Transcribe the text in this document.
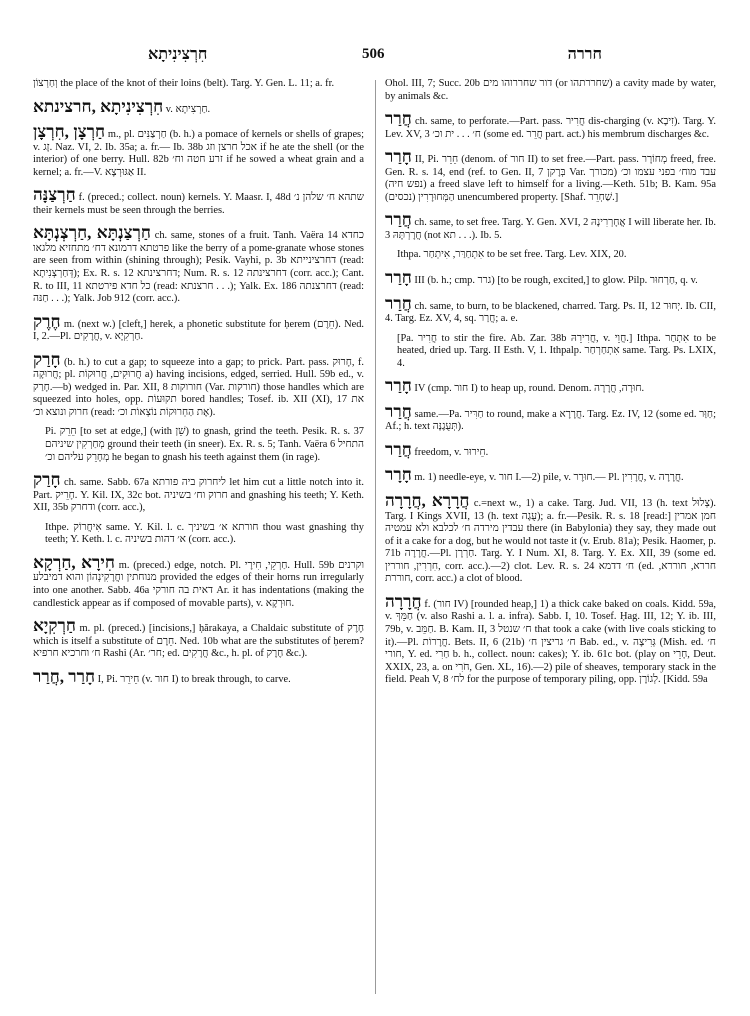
חִרְצִינִיתָא	506	חררה
וְחַרְצוֹן the place of the knot of their loins (belt). Targ. Y. Gen. L. 11; a. fr.
חִרְצִינִיתָא ,חרצינתא v. חַרְצִיתָא.
חַרְצָן ,חִרְצָן m., pl. חַרְצַנִּים (b. h.) a pomace of kernels or shells of grapes; v. זָג. Naz. VI, 2. Ib. 35a; a. fr.— Ib. 38b אכל חרצן וזג if he ate the shell (or the interior) of one berry. Hull. 82b זרע חטה וח׳ if he sowed a wheat grain and a kernel; a. fr.—V. אַגּוּרְצָא II.
חַרְצַנָּה f. (preced.; collect. noun) kernels. Y. Maasr. I, 48d שתהא ח׳ שלהן נ׳ their kernels must be seen through the berries.
חַרְצַנְתָּא ,חַרְצְנְתָּא ch. same, stones of a fruit. Tanh. Vaëra 14 כחדא פרטתא דרמונא דח׳ מתחזיא מלגאו like the berry of a pome-granate whose stones are seen from within (shining through); Pesik. Vayhi, p. 3b דחרצינייתא (read: דְּחַרְצְנִיתָא); Ex. R. s. 12 דחרצינתא; Num. R. s. 12 דחרצינתה (corr. acc.); Cant. R. to III, 11 כל חדא פירטתא (read: חרצנתא . . .); Yalk. Ex. 186 דחרצנתה (read: חַנּה . . .); Yalk. Job 912 (corr. acc.).
חֶרֶק m. (next w.) [cleft,] herek, a phonetic substitute for ḥerem (חֵרֶם). Ned. I, 2.—Pl. חֲרָקִים, v. חַרְקִיָא.
חָרַק (b. h.) to cut a gap; to squeeze into a gap; to prick. Part. pass. חָרוּק, f. חֲרוּקָה; pl. חֲרוּקִים, חֲרוּקוֹת a) having incisions, edged, serried. Hull. 59b ed., v. חָרַק.—b) wedged in. Par. XII, 8 חורוקות (Var. חורקות) those handles which are squeezed into holes, opp. תקוּעוֹת bored handles; Tosef. ib. XII (XI), 17 את חרוק ונוצא וכ׳ (read: אֶת הַחְרוּקוֹת נוֹצְאוֹת וכ׳).
Pi. חֵרֵק [to set at edge,] (with שֵׁן) to gnash, grind the teeth. Pesik. R. s. 37 מְחַרְקִין שיניהם ground their teeth (in sneer). Ex. R. s. 5; Tanh. Vaëra 6 התחיל מְחָרֵק עליהם וכ׳ he began to gnash his teeth against them (in rage).
חָרַק ch. same. Sabb. 67a ליחרוק ביה פורתא let him cut a little notch into it. Part. חָרֵיק. Y. Kil. IX, 32c bot. חרוק וח׳ בשיניה and gnashing his teeth; Y. Keth. XII, 35b ודחרק (corr. acc.),
Ithpe. אִיחֲרוֹק same. Y. Kil. l. c. חורתא א׳ בשיניך thou wast gnashing thy teeth; Y. Keth. l. c. א׳ דהות בשיניה (corr. acc.).
חִירָא ,חַרְקָא m. (preced.) edge, notch. Pl. חַרְקֵי, חִירָי. Hull. 59b וקרנים מנוחתין וחֲרָקִינְהוֹן והוא דמיבלע provided the edges of their horns run irregularly into one another. Sabb. 46a דאית בה חורקי Ar. it has indentations (making the candlestick appear as if composed of movable parts), v. חוּרְקָא.
חַרְקִיָא m. pl. (preced.) [incisions,] ḥărakaya, a Chaldaic substitute of חֶרֶק which is itself a substitute of חֵרֶם. Ned. 10b what are the substitutes of ḥerem? ח׳ וחרכיא חרפיא Rashi (Ar. חר׳; ed. חֲרָקִים &c., h. pl. of חֶרֶק &c.).
חָרַר ,חֲרַר I, Pi. חֵירֵר (v. חור I) to break through, to carve.
Ohol. III, 7; Succ. 20b דור שחררוהו מים (or שחררתהו) a cavity made by water, by animals &c.
חֲרַר ch. same, to perforate.—Part. pass. חֲרִיר dis-charging (v. זִיבָא). Targ. Y. Lev. XV, 3 ח׳ . . . ית וכ׳ (some ed. חֲרֵר part. act.) his membrum discharges &c.
חָרַר II, Pi. חֵרֵר (denom. of חור II) to set free.—Part. pass. מְחוֹרָר freed, free. Gen. R. s. 14, end (ref. to Gen. II, 7 בְּרָקן Var. מכורך) עבד מוח׳ בפני עצמו וכ׳ (נפש חיה) a freed slave left to himself for a living.—Keth. 51b; B. Kam. 95a הַמְּחוּרָרִין (נכסים) unencumbered property. [Shaf. שַׁחְרֵר.]
חֲרַר ch. same, to set free. Targ. Y. Gen. XVI, 2 אֲחָרְרִינָהּ I will liberate her. Ib. 3 חֲרָרְתָּהּ (not תא . . .). Ib. 5.
Ithpa. אִתְחַרַּר, אִיתְחַר to be set free. Targ. Lev. XIX, 20.
חָרַר III (b. h.; cmp. גרר) [to be rough, excited,] to glow. Pilp. חַרְחוּר, q. v.
חֲרַר ch. same, to burn, to be blackened, charred. Targ. Ps. II, 12 יְחוּר. Ib. CII, 4. Targ. Ez. XV, 4, sq. חֲרַר; a. e.
[Pa. חֲרִיר to stir the fire. Ab. Zar. 38b חֲרִירֵהּ, v. חֲוֵי.] Ithpa. אִתְחַר to be heated, dried up. Targ. II Esth. V, 1. Ithpalp. אִתְחַרְחַר same. Targ. Ps. LXIX, 4.
חָרַר IV (cmp. חור I) to heap up, round. Denom. חוּרָה, חֲרָרָה.
חֲרַר same.—Pa. חַרִּיר to round, make a חֲרָרָא. Targ. Ez. IV, 12 (some ed. חַוַּר; Af.; h. text תְּעֻגֶנָּה).
חֲרַר freedom, v. חֵירוּר.
חָרָר m. 1) needle-eye, v. חור I.—2) pile, v. חוּרֶר.— Pl. חֲרָרִין, v. חֲרָרָה.
חֲרָרָא ,חֲרָרָה c.=next w., 1) a cake. Targ. Jud. VII, 13 (h. text צְלוּל). Targ. I Kings XVII, 13 (h. text עֻגָה); a. fr.—Pesik. R. s. 18 [read:] חמן אמרין עבדין מירדה ח׳ לכלבא ולא עמטיה there (in Babylonia) they say, they made out of it a cake for a dog, but he would not taste it (v. Erub. 81a); Pesik. Haomer, p. 71b חֲרָרָה.—Pl. חַרְרָן. Targ. Y. I Num. XI, 8. Targ. Y. Ex. XII, 39 (some ed. חִרְרִין, חוררין, corr. acc.).—2) clot. Lev. R. s. 24 ח׳ דדמא (ed. חררא, חוררא, חוררת, corr. acc.) a clot of blood.
חֲרָרָה f. (חור IV) [rounded heap,] 1) a thick cake baked on coals. Kidd. 59a, v. חַמֵּךְ (v. also Rashi a. l. a. infra). Sabb. I, 10. Tosef. Ḥag. III, 12; Y. ib. III, 79b, v. חַמֵּב. B. Kam. II, 3 ח׳ שנטל that took a cake (with live coals sticking to it).—Pl. חֲרָרוֹת. Bets. II, 6 (21b) ח׳ גריצין ח׳ Bab. ed., v. גְּרִיצָה (Mish. ed. ח׳ חורי, Y. ed. חַרִי b. h., collect. noun: cakes); Y. ib. 61c bot. (play on חָרֵי, Deut. XXIX, 23, a. on חֹרִי, Gen. XL, 16).—2) pile of sheaves, temporary stack in the field. Peah V, 8 לח׳ for the purpose of temporary piling, opp. לְגוֹרֶן. [Kidd. 59a
